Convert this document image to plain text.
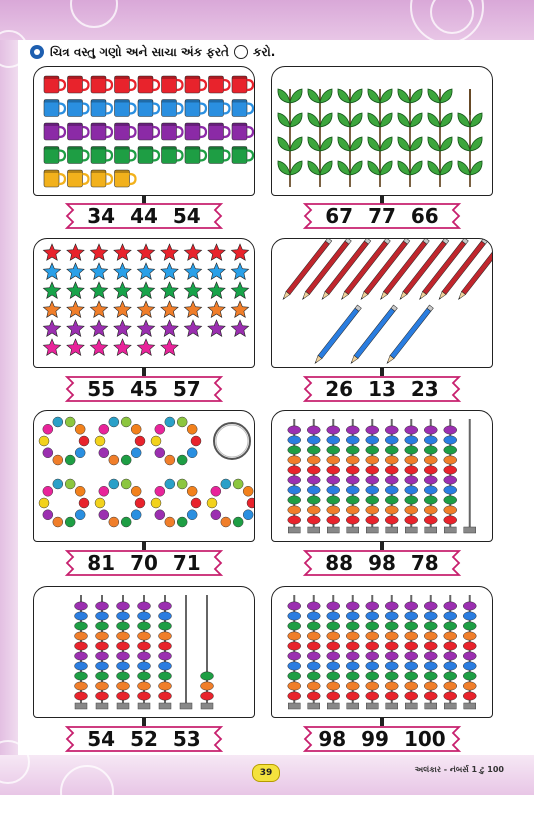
ચિત્ર વસ્તુ ગણો અને સાચા અંક ફરતે કરો.
34
44
54	67
77
66
55
45
57	26
13
23
81
70
71	88
98
78
54
52
53	98
99
100
39	અલંકાર - નંબર્સ 1 ટુ 100
